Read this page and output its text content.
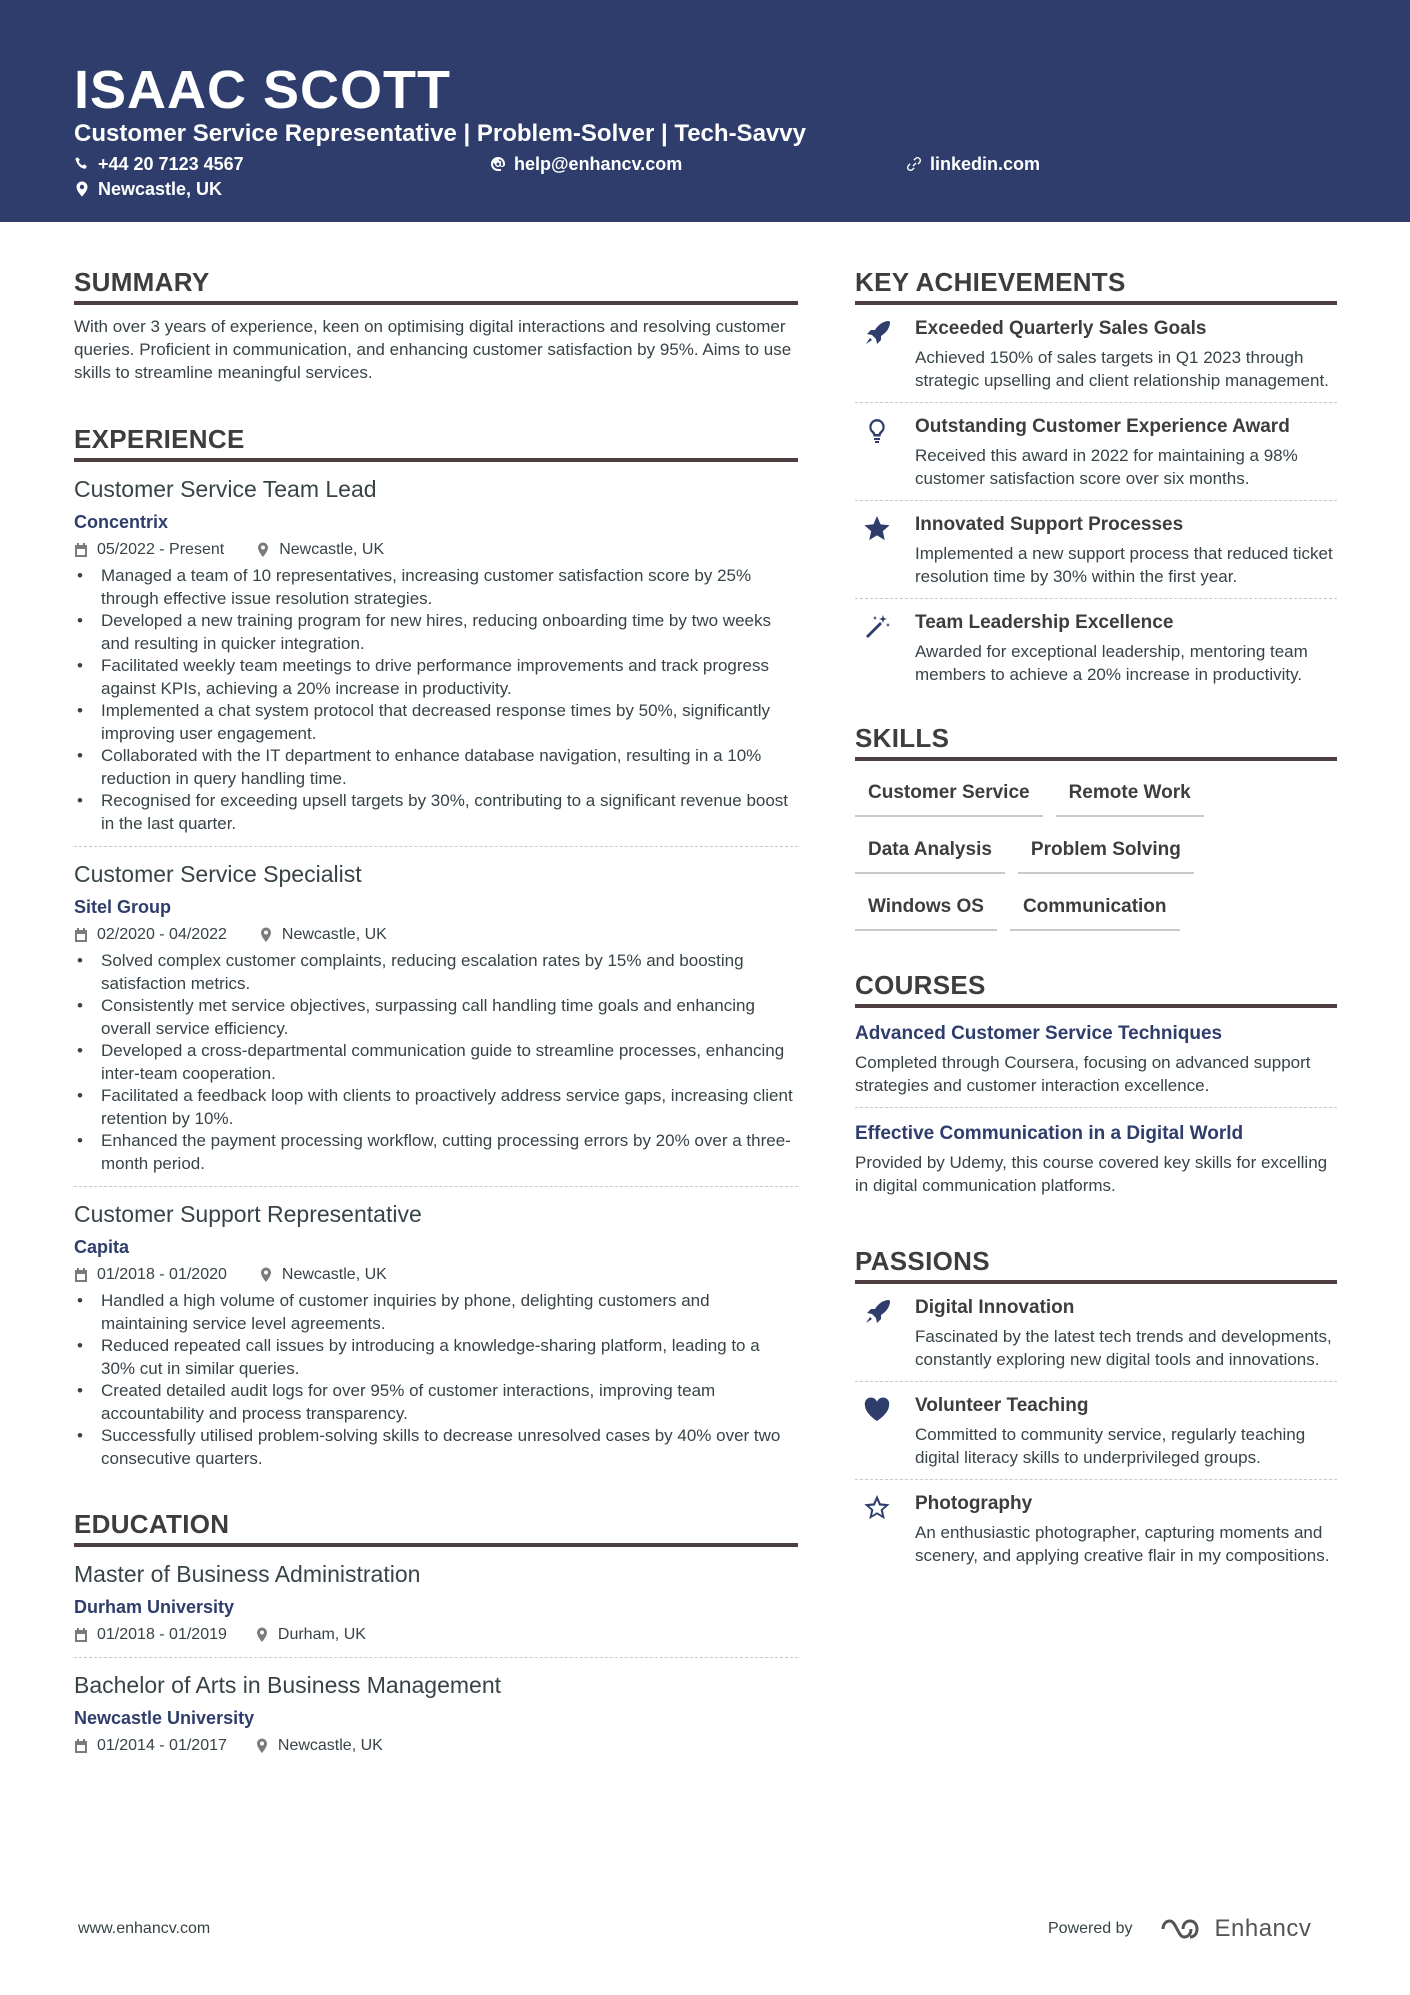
ISAAC SCOTT
Customer Service Representative | Problem-Solver | Tech-Savvy
+44 20 7123 4567	help@enhancv.com	linkedin.com
Newcastle, UK
SUMMARY
With over 3 years of experience, keen on optimising digital interactions and resolving customer queries. Proficient in communication, and enhancing customer satisfaction by 95%. Aims to use skills to streamline meaningful services.
EXPERIENCE
Customer Service Team Lead
Concentrix
05/2022 - Present	Newcastle, UK
• Managed a team of 10 representatives, increasing customer satisfaction score by 25% through effective issue resolution strategies.
• Developed a new training program for new hires, reducing onboarding time by two weeks and resulting in quicker integration.
• Facilitated weekly team meetings to drive performance improvements and track progress against KPIs, achieving a 20% increase in productivity.
• Implemented a chat system protocol that decreased response times by 50%, significantly improving user engagement.
• Collaborated with the IT department to enhance database navigation, resulting in a 10% reduction in query handling time.
• Recognised for exceeding upsell targets by 30%, contributing to a significant revenue boost in the last quarter.
Customer Service Specialist
Sitel Group
02/2020 - 04/2022	Newcastle, UK
• Solved complex customer complaints, reducing escalation rates by 15% and boosting satisfaction metrics.
• Consistently met service objectives, surpassing call handling time goals and enhancing overall service efficiency.
• Developed a cross-departmental communication guide to streamline processes, enhancing inter-team cooperation.
• Facilitated a feedback loop with clients to proactively address service gaps, increasing client retention by 10%.
• Enhanced the payment processing workflow, cutting processing errors by 20% over a three-month period.
Customer Support Representative
Capita
01/2018 - 01/2020	Newcastle, UK
• Handled a high volume of customer inquiries by phone, delighting customers and maintaining service level agreements.
• Reduced repeated call issues by introducing a knowledge-sharing platform, leading to a 30% cut in similar queries.
• Created detailed audit logs for over 95% of customer interactions, improving team accountability and process transparency.
• Successfully utilised problem-solving skills to decrease unresolved cases by 40% over two consecutive quarters.
EDUCATION
Master of Business Administration
Durham University
01/2018 - 01/2019	Durham, UK
Bachelor of Arts in Business Management
Newcastle University
01/2014 - 01/2017	Newcastle, UK
KEY ACHIEVEMENTS
Exceeded Quarterly Sales Goals
Achieved 150% of sales targets in Q1 2023 through strategic upselling and client relationship management.
Outstanding Customer Experience Award
Received this award in 2022 for maintaining a 98% customer satisfaction score over six months.
Innovated Support Processes
Implemented a new support process that reduced ticket resolution time by 30% within the first year.
Team Leadership Excellence
Awarded for exceptional leadership, mentoring team members to achieve a 20% increase in productivity.
SKILLS
Customer Service	Remote Work
Data Analysis	Problem Solving
Windows OS	Communication
COURSES
Advanced Customer Service Techniques
Completed through Coursera, focusing on advanced support strategies and customer interaction excellence.
Effective Communication in a Digital World
Provided by Udemy, this course covered key skills for excelling in digital communication platforms.
PASSIONS
Digital Innovation
Fascinated by the latest tech trends and developments, constantly exploring new digital tools and innovations.
Volunteer Teaching
Committed to community service, regularly teaching digital literacy skills to underprivileged groups.
Photography
An enthusiastic photographer, capturing moments and scenery, and applying creative flair in my compositions.
www.enhancv.com	Powered by	Enhancv
